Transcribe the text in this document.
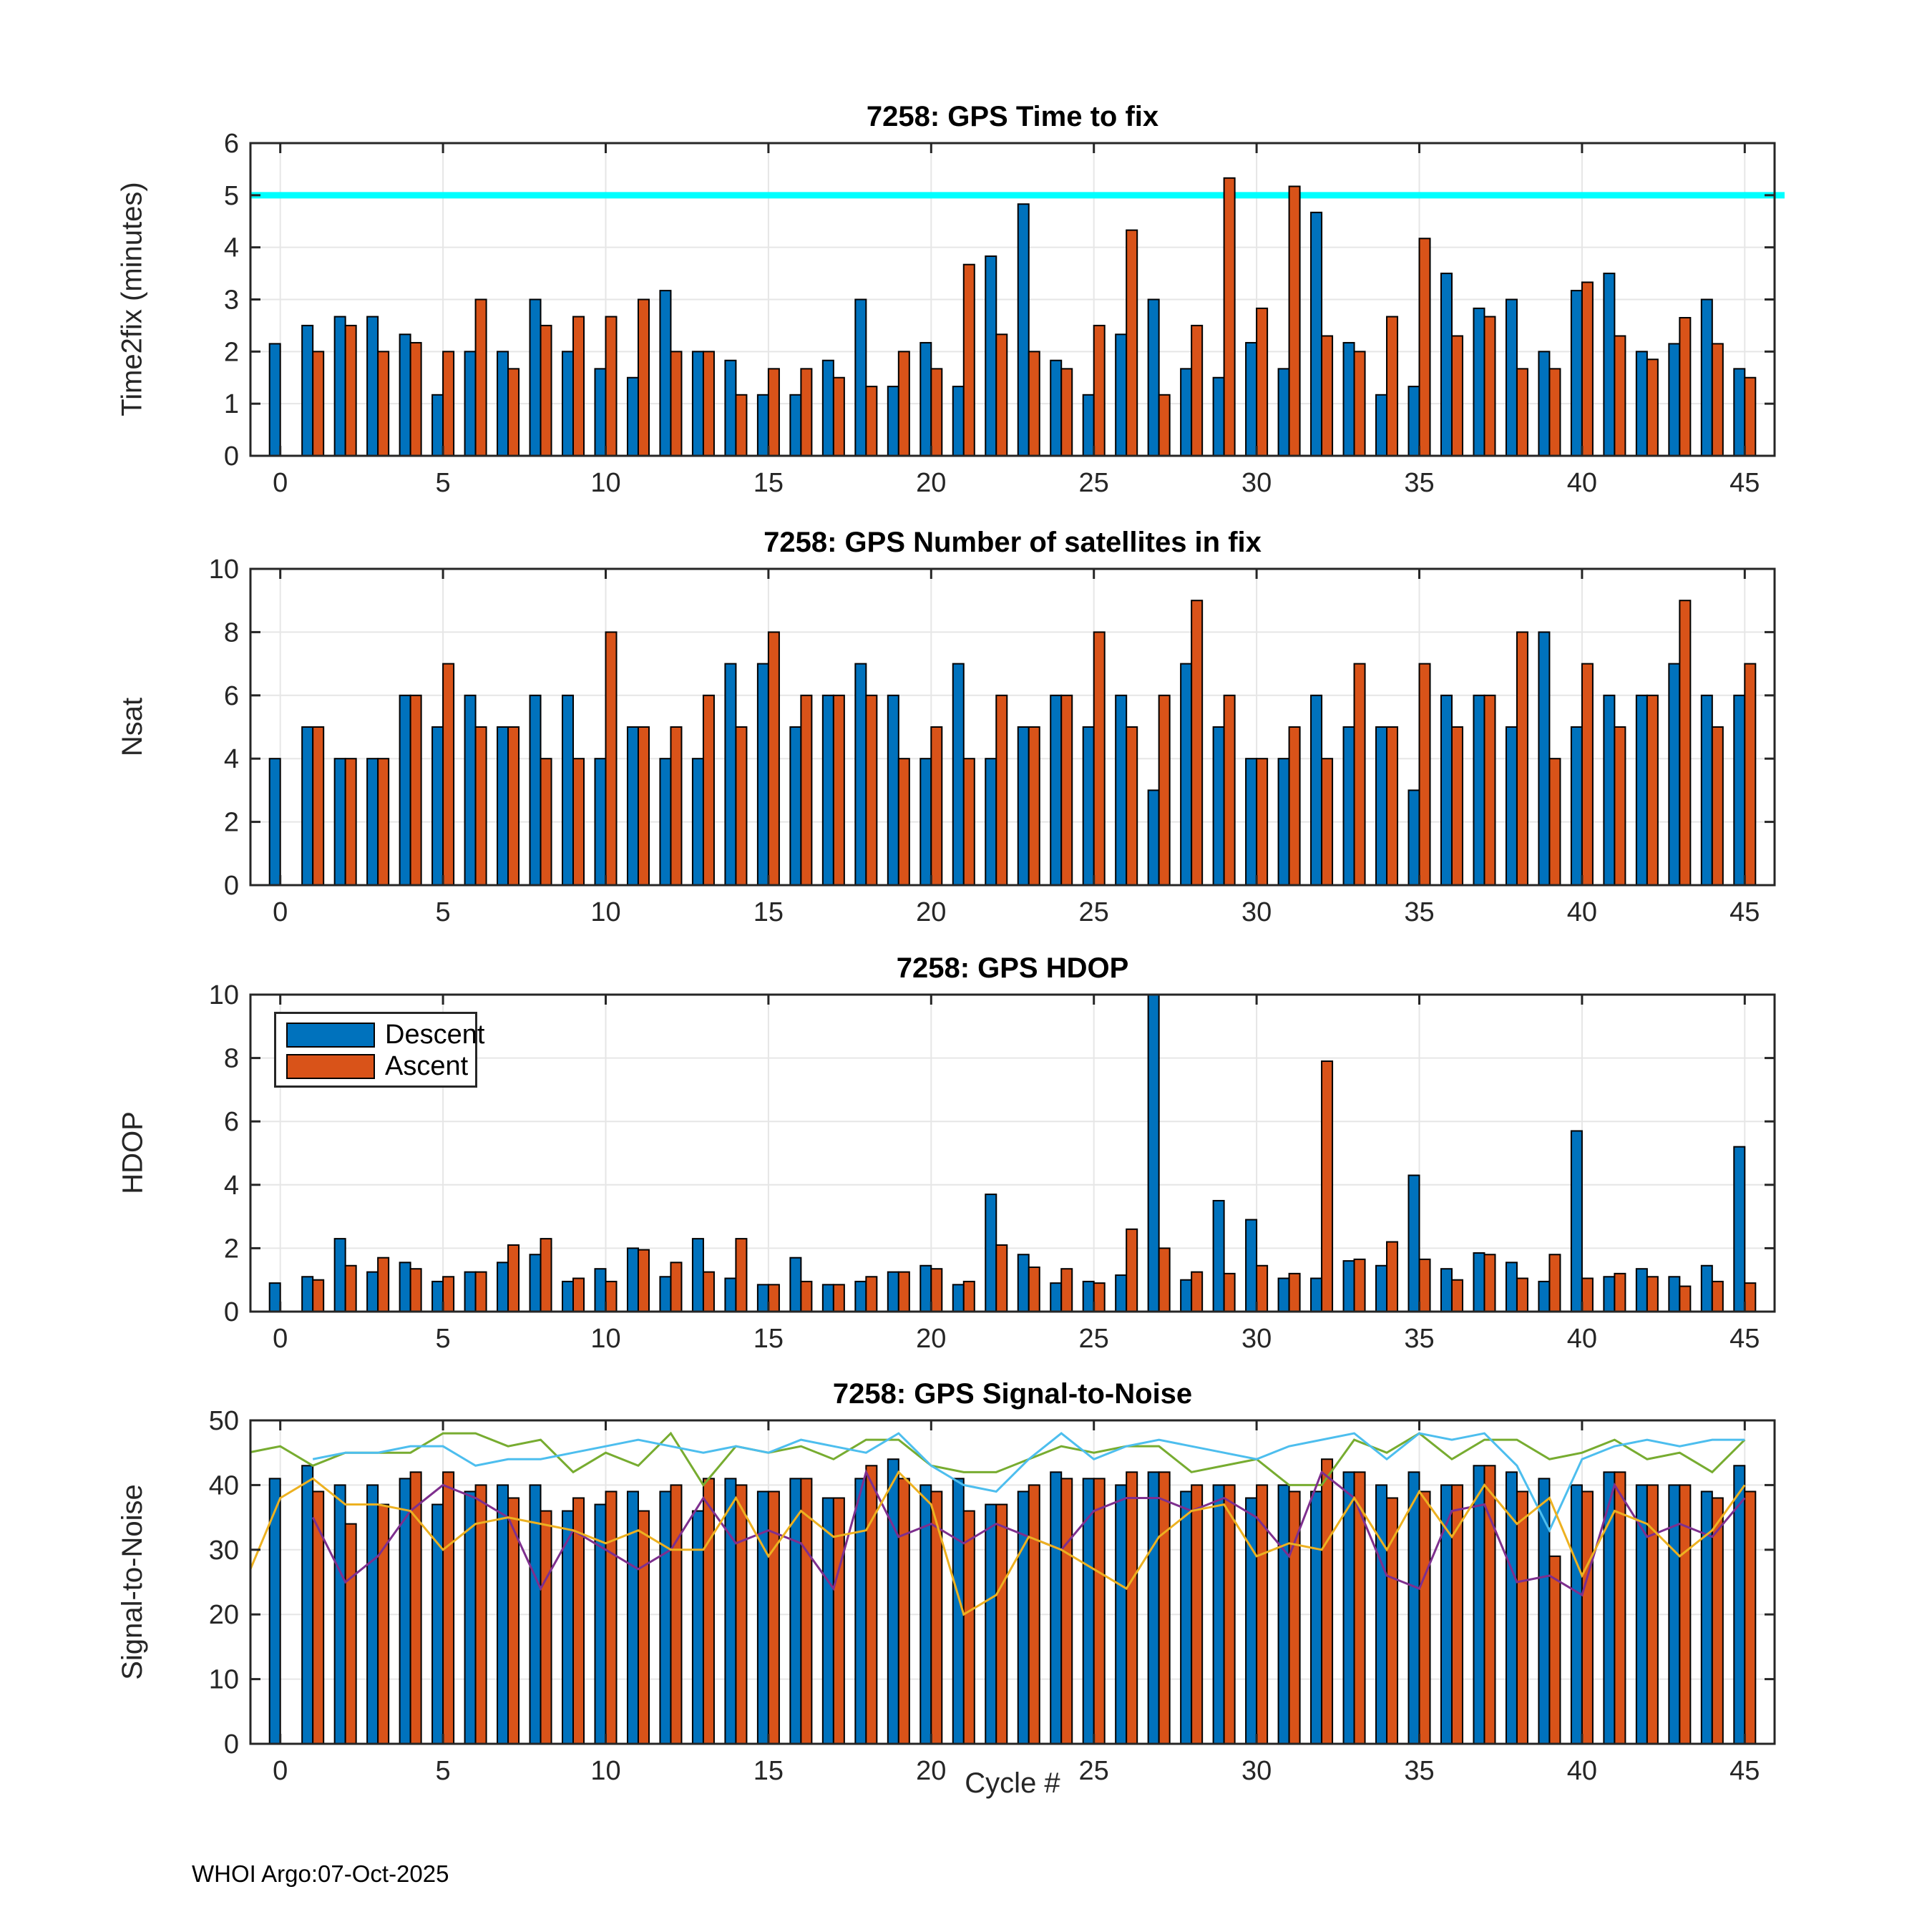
0	5	10	15	20	25	30	35	40	45
0
1
2
3
4
5
6
0	5	10	15	20	25	30	35	40	45
0
2
4
6
8
10
0	5	10	15	20	25	30	35	40	45
0
2
4
6
8
10
0	5	10	15	20	25	30	35	40	45
0
10
20
30
40
50
7258: GPS Time to fix
Time2fix (minutes)
7258: GPS Number of satellites in fix
Nsat
7258: GPS HDOP
HDOP
Descent
Ascent
7258: GPS Signal-to-Noise
Signal-to-Noise
Cycle #
WHOI Argo:07-Oct-2025
